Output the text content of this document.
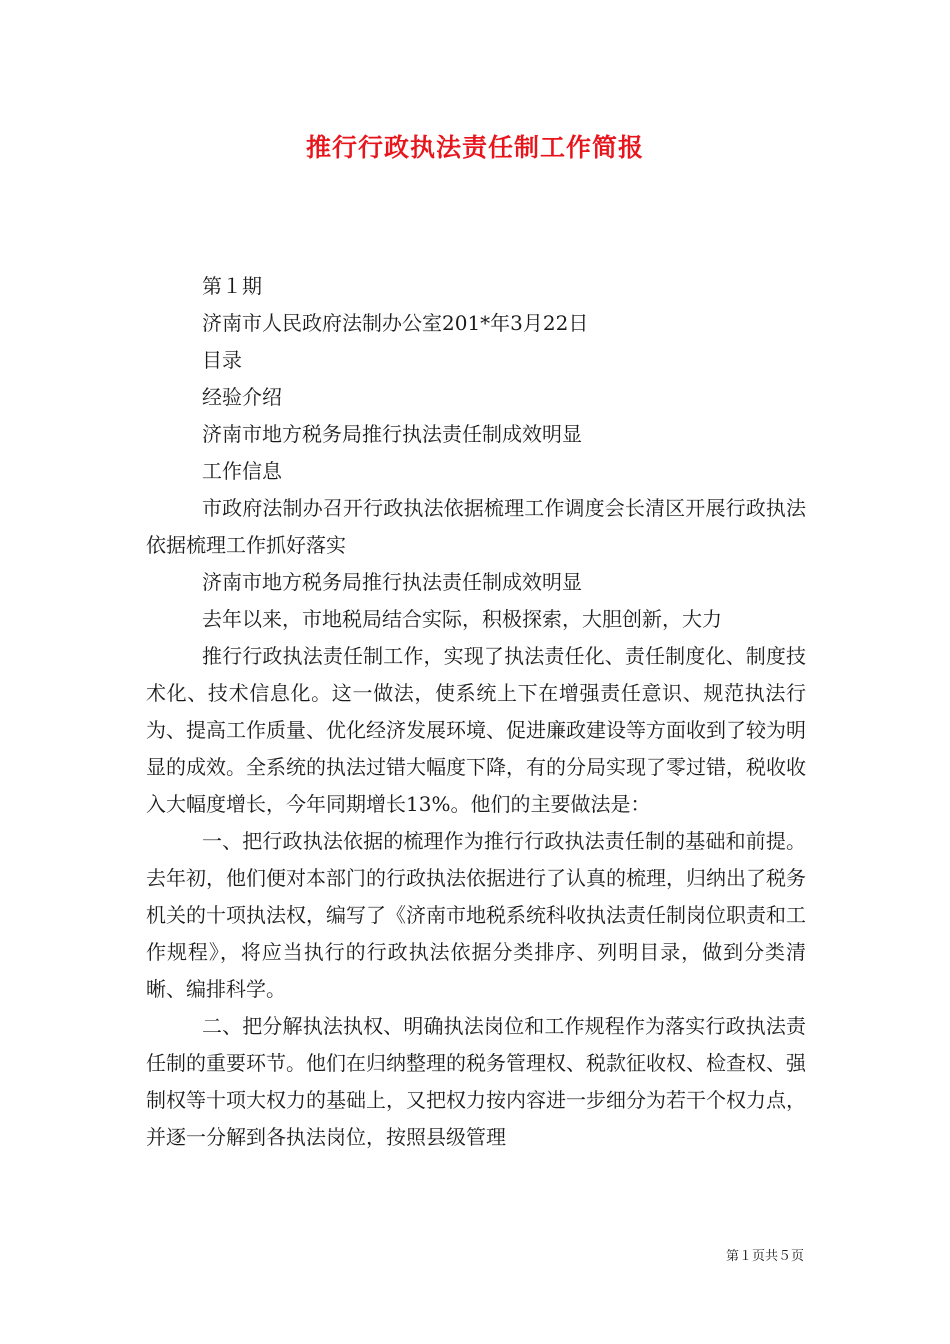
推行行政执法责任制工作简报
第１期
济南市人民政府法制办公室201*年3月22日
目录
经验介绍
济南市地方税务局推行执法责任制成效明显
工作信息

市政府法制办召开行政执法依据梳理工作调度会长清区开展行政执法依据梳理工作抓好落实

济南市地方税务局推行执法责任制成效明显
去年以来，市地税局结合实际，积极探索，大胆创新，大力

推行行政执法责任制工作，实现了执法责任化、责任制度化、制度技术化、技术信息化。这一做法，使系统上下在增强责任意识、规范执法行为、提高工作质量、优化经济发展环境、促进廉政建设等方面收到了较为明显的成效。全系统的执法过错大幅度下降，有的分局实现了零过错，税收收入大幅度增长，今年同期增长13%。他们的主要做法是：

一、把行政执法依据的梳理作为推行行政执法责任制的基础和前提。去年初，他们便对本部门的行政执法依据进行了认真的梳理，归纳出了税务机关的十项执法权，编写了《济南市地税系统科收执法责任制岗位职责和工作规程》，将应当执行的行政执法依据分类排序、列明目录，做到分类清晰、编排科学。

二、把分解执法执权、明确执法岗位和工作规程作为落实行政执法责任制的重要环节。他们在归纳整理的税务管理权、税款征收权、检查权、强制权等十项大权力的基础上，又把权力按内容进一步细分为若干个权力点，并逐一分解到各执法岗位，按照县级管理

第１页共５页
